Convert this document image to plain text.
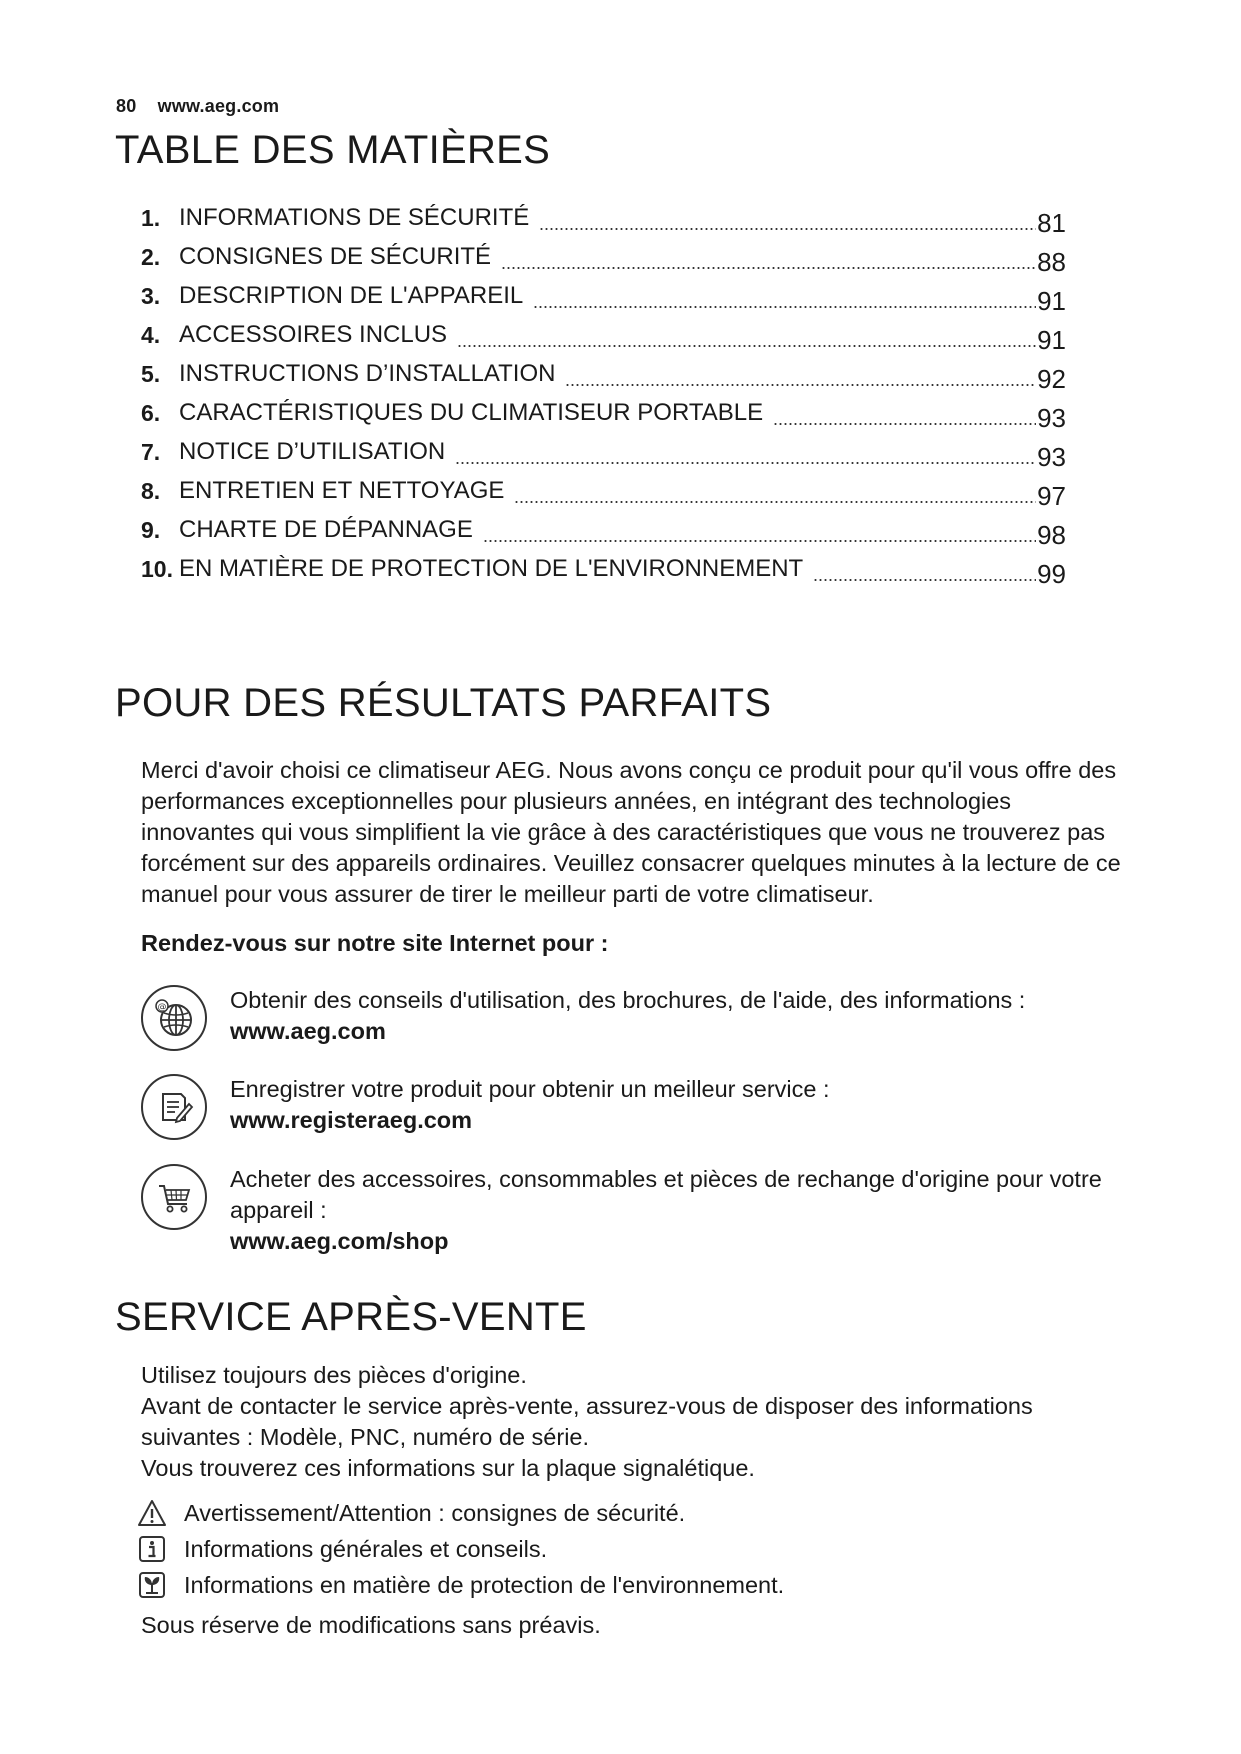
80 www.aeg.com
TABLE DES MATIÈRES
1. INFORMATIONS DE SÉCURITÉ	81
2. CONSIGNES DE SÉCURITÉ	88
3. DESCRIPTION DE L'APPAREIL	91
4. ACCESSOIRES INCLUS	91
5. INSTRUCTIONS D’INSTALLATION	92
6. CARACTÉRISTIQUES DU CLIMATISEUR PORTABLE	93
7. NOTICE D’UTILISATION	93
8. ENTRETIEN ET NETTOYAGE	97
9. CHARTE DE DÉPANNAGE	98
10. EN MATIÈRE DE PROTECTION DE L'ENVIRONNEMENT	99
POUR DES RÉSULTATS PARFAITS
Merci d'avoir choisi ce climatiseur AEG. Nous avons conçu ce produit pour qu'il vous offre des performances exceptionnelles pour plusieurs années, en intégrant des technologies innovantes qui vous simplifient la vie grâce à des caractéristiques que vous ne trouverez pas forcément sur des appareils ordinaires. Veuillez consacrer quelques minutes à la lecture de ce manuel pour vous assurer de tirer le meilleur parti de votre climatiseur.
Rendez-vous sur notre site Internet pour :
@	Obtenir des conseils d'utilisation, des brochures, de l'aide, des informations :
www.aeg.com
Enregistrer votre produit pour obtenir un meilleur service :
www.registeraeg.com
Acheter des accessoires, consommables et pièces de rechange d'origine pour votre appareil :
www.aeg.com/shop
SERVICE APRÈS-VENTE
Utilisez toujours des pièces d'origine.
Avant de contacter le service après-vente, assurez-vous de disposer des informations suivantes : Modèle, PNC, numéro de série.
Vous trouverez ces informations sur la plaque signalétique.
Avertissement/Attention : consignes de sécurité.
Informations générales et conseils.
Informations en matière de protection de l'environnement.
Sous réserve de modifications sans préavis.
